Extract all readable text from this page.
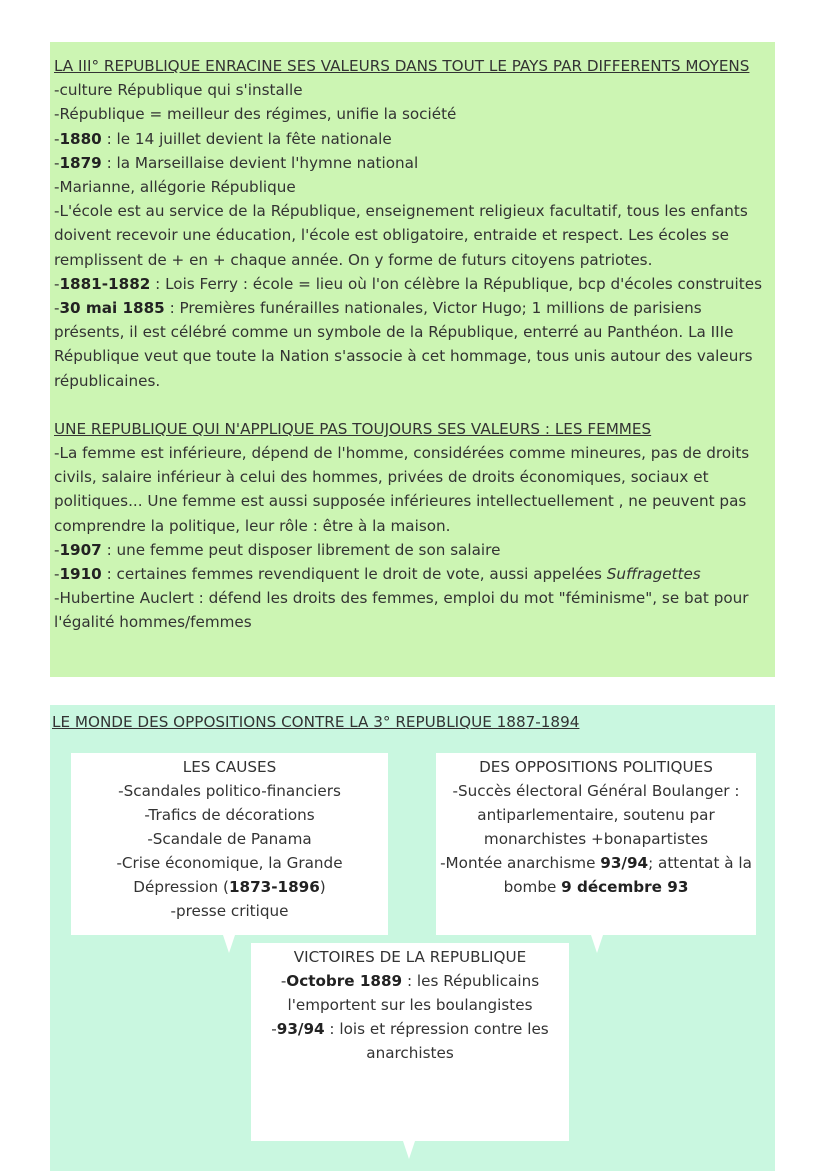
LA III° REPUBLIQUE ENRACINE SES VALEURS DANS TOUT LE PAYS PAR DIFFERENTS MOYENS

-culture République qui s'installe

-République = meilleur des régimes, unifie la société

-1880 : le 14 juillet devient la fête nationale

-1879 : la Marseillaise devient l'hymne national

-Marianne, allégorie République

-L'école est au service de la République, enseignement religieux facultatif, tous les enfants doivent recevoir une éducation, l'école est obligatoire, entraide et respect. Les écoles se remplissent de + en + chaque année. On y forme de futurs citoyens patriotes.

-1881-1882 : Lois Ferry : école = lieu où l'on célèbre la République, bcp d'écoles construites

-30 mai 1885 : Premières funérailles nationales, Victor Hugo; 1 millions de parisiens présents, il est célébré comme un symbole de la République, enterré au Panthéon. La IIIe République veut que toute la Nation s'associe à cet hommage, tous unis autour des valeurs républicaines.

UNE REPUBLIQUE QUI N'APPLIQUE PAS TOUJOURS SES VALEURS : LES FEMMES

-La femme est inférieure, dépend de l'homme, considérées comme mineures, pas de droits civils, salaire inférieur à celui des hommes, privées de droits économiques, sociaux et politiques... Une femme est aussi supposée inférieures intellectuellement , ne peuvent pas comprendre la politique, leur rôle : être à la maison.

-1907 : une femme peut disposer librement de son salaire

-1910 : certaines femmes revendiquent le droit de vote, aussi appelées Suffragettes

-Hubertine Auclert : défend les droits des femmes, emploi du mot "féminisme", se bat pour l'égalité hommes/femmes

LE MONDE DES OPPOSITIONS CONTRE LA 3° REPUBLIQUE 1887-1894

LES CAUSES

-Scandales politico-financiers

-Trafics de décorations

-Scandale de Panama

-Crise économique, la Grande

Dépression (1873-1896)

-presse critique

DES OPPOSITIONS POLITIQUES

-Succès électoral Général Boulanger :

antiparlementaire, soutenu par

monarchistes +bonapartistes

-Montée anarchisme 93/94; attentat à la

bombe 9 décembre 93

VICTOIRES DE LA REPUBLIQUE

-Octobre 1889 : les Républicains

l'emportent sur les boulangistes

-93/94 : lois et répression contre les

anarchistes
